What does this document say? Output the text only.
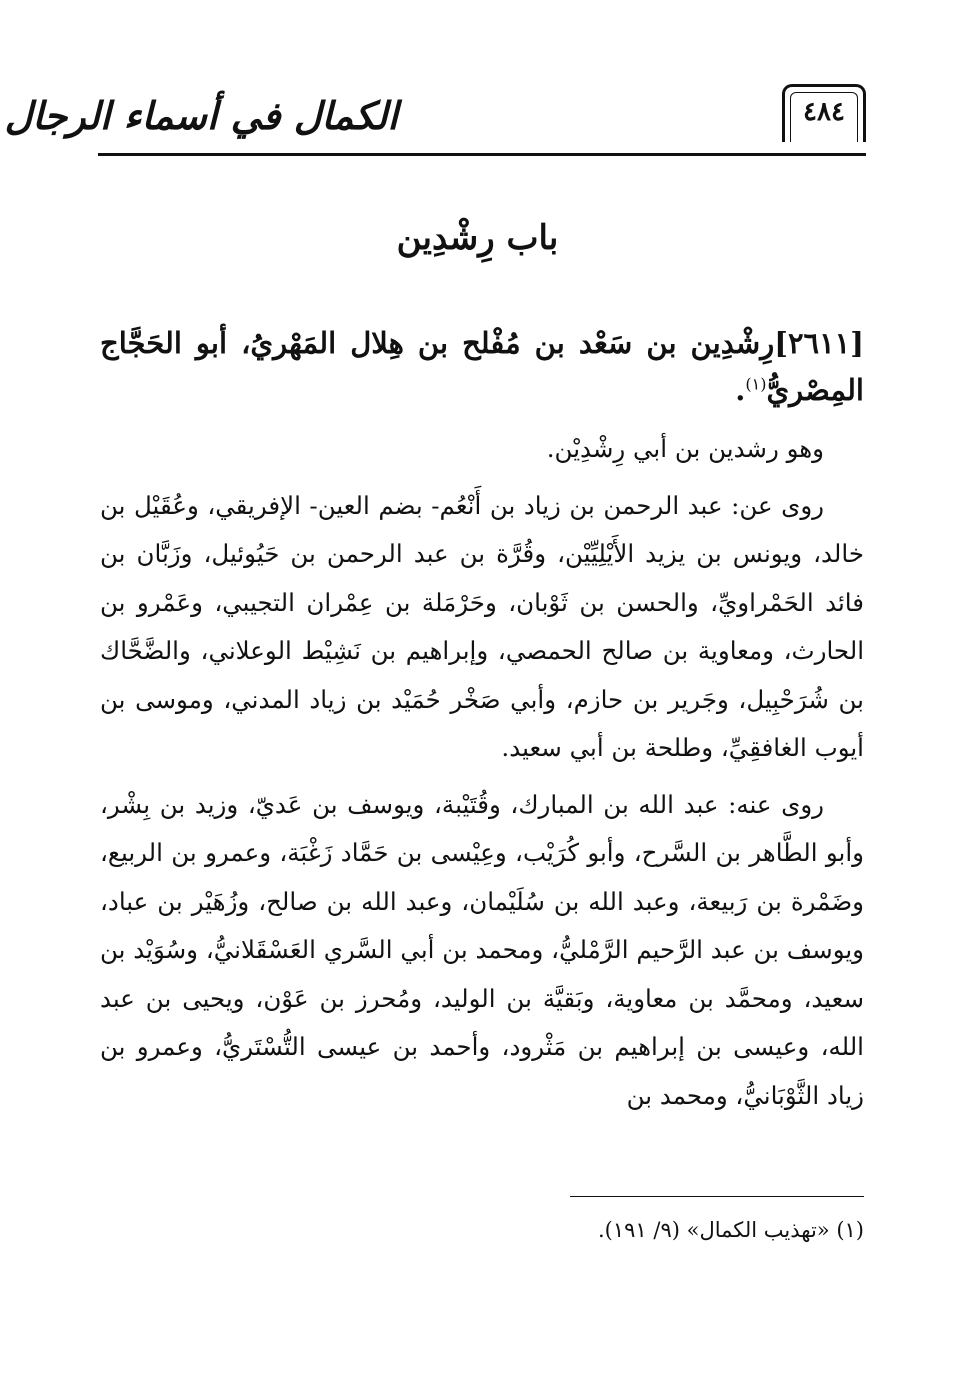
الكمال في أسماء الرجال	٤٨٤
باب رِشْدِين
[٢٦١١]رِشْدِين بن سَعْد بن مُفْلح بن هِلال المَهْريُ، أبو الحَجَّاج المِصْريُّ$^{(١)}$.

وهو رشدين بن أبي رِشْدِيْن.

روى عن: عبد الرحمن بن زياد بن أَنْعُم- بضم العين- الإفريقي، وعُقَيْل بن خالد، ويونس بن يزيد الأَيْلِيِّيْن، وقُرَّة بن عبد الرحمن بن حَيُوئيل، وزَبَّان بن فائد الحَمْراويِّ، والحسن بن ثَوْبان، وحَرْمَلة بن عِمْران التجيبي، وعَمْرو بن الحارث، ومعاوية بن صالح الحمصي، وإبراهيم بن نَشِيْط الوعلاني، والضَّحَّاك بن شُرَحْبِيل، وجَرير بن حازم، وأبي صَخْر حُمَيْد بن زياد المدني، وموسى بن أيوب الغافقِيِّ، وطلحة بن أبي سعيد.

روى عنه: عبد الله بن المبارك، وقُتَيْبة، ويوسف بن عَديّ، وزيد بن بِشْر، وأبو الطَّاهر بن السَّرح، وأبو كُرَيْب، وعِيْسى بن حَمَّاد زَغْبَة، وعمرو بن الربيع، وضَمْرة بن رَبيعة، وعبد الله بن سُلَيْمان، وعبد الله بن صالح، وزُهَيْر بن عباد، ويوسف بن عبد الرَّحيم الرَّمْليُّ، ومحمد بن أبي السَّري العَسْقَلانيُّ، وسُوَيْد بن سعيد، ومحمَّد بن معاوية، وبَقيَّة بن الوليد، ومُحرز بن عَوْن، ويحيى بن عبد الله، وعيسى بن إبراهيم بن مَثْرود، وأحمد بن عيسى التُّسْتَريُّ، وعمرو بن زياد الثَّوْبَانيُّ، ومحمد بن

(١) «تهذيب الكمال» (٩/ ١٩١).
